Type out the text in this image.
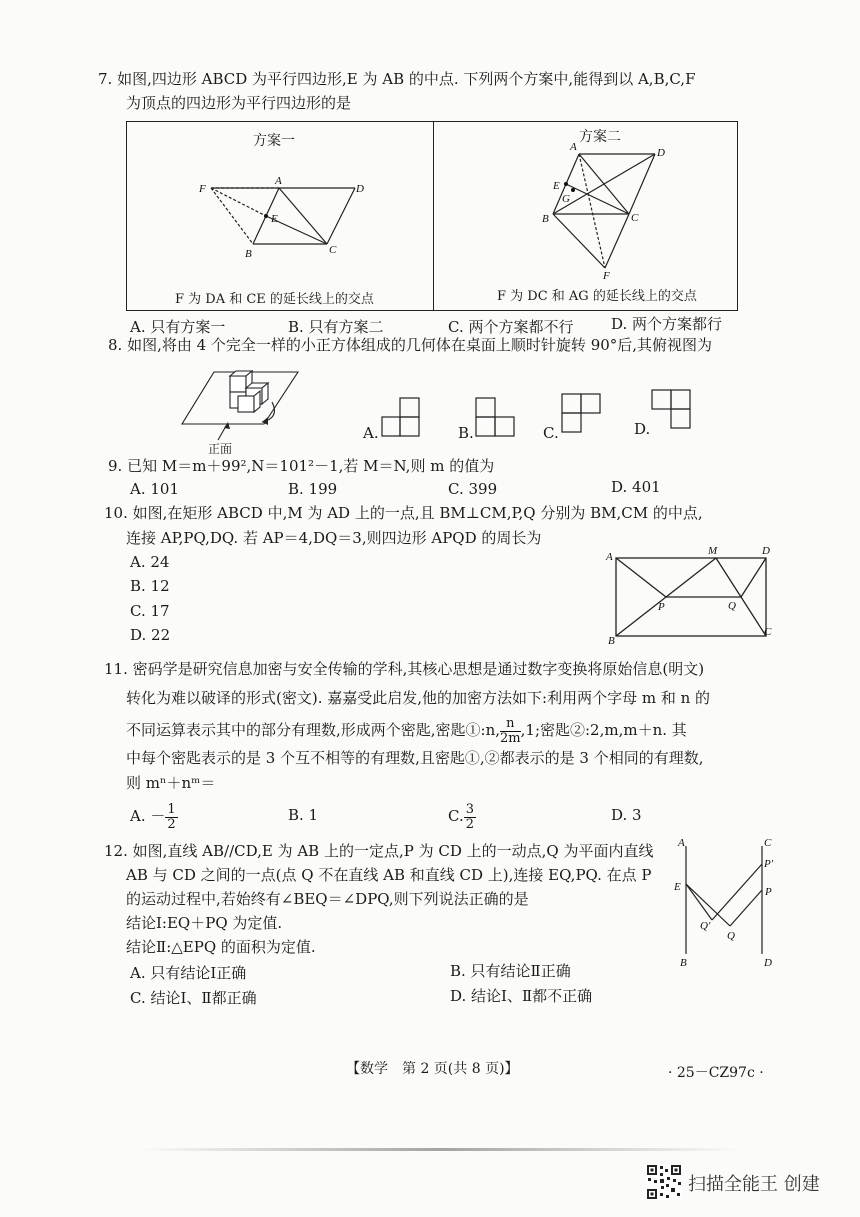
7. 如图,四边形 ABCD 为平行四边形,E 为 AB 的中点. 下列两个方案中,能得到以 A,B,C,F
为顶点的四边形为平行四边形的是
方案一	方案二
F 为 DA 和 CE 的延长线上的交点	F 为 DC 和 AG 的延长线上的交点
F
A
D
E
B	C
A	D
E
G
B	C
F
A. 只有方案一	B. 只有方案二	C. 两个方案都不行	D. 两个方案都行
8. 如图,将由 4 个完全一样的小正方体组成的几何体在桌面上顺时针旋转 90°后,其俯视图为
正面
A.	B.	C.	D.
9. 已知 M＝m＋99²,N＝101²－1,若 M＝N,则 m 的值为
A. 101	B. 199	C. 399	D. 401
10. 如图,在矩形 ABCD 中,M 为 AD 上的一点,且 BM⊥CM,P,Q 分别为 BM,CM 的中点,
连接 AP,PQ,DQ. 若 AP＝4,DQ＝3,则四边形 APQD 的周长为
A. 24
B. 12
C. 17
D. 22
A	M	D
P	Q
B
C
11. 密码学是研究信息加密与安全传输的学科,其核心思想是通过数字变换将原始信息(明文)
转化为难以破译的形式(密文). 嘉嘉受此启发,他的加密方法如下:利用两个字母 m 和 n 的
不同运算表示其中的部分有理数,形成两个密匙,密匙①:n, $\frac{n}{2m} ,1$;密匙②:2,m,m＋n. 其
中每个密匙表示的是 3 个互不相等的有理数,且密匙①,②都表示的是 3 个相同的有理数,
则 mⁿ＋nᵐ＝
A. － $\frac{1}{2}$	B. 1	C. $\frac{3}{2}$	D. 3
12. 如图,直线 AB//CD,E 为 AB 上的一定点,P 为 CD 上的一动点,Q 为平面内直线
AB 与 CD 之间的一点(点 Q 不在直线 AB 和直线 CD 上),连接 EQ,PQ. 在点 P
的运动过程中,若始终有∠BEQ＝∠DPQ,则下列说法正确的是
结论Ⅰ:EQ＋PQ 为定值.
结论Ⅱ:△EPQ 的面积为定值.
A. 只有结论Ⅰ正确	B. 只有结论Ⅱ正确
C. 结论Ⅰ、Ⅱ都正确	D. 结论Ⅰ、Ⅱ都不正确
A	C
P′
E	P
Q′
Q
B	D
【数学　第 2 页(共 8 页)】	· 25－CZ97c ·
扫描全能王 创建
